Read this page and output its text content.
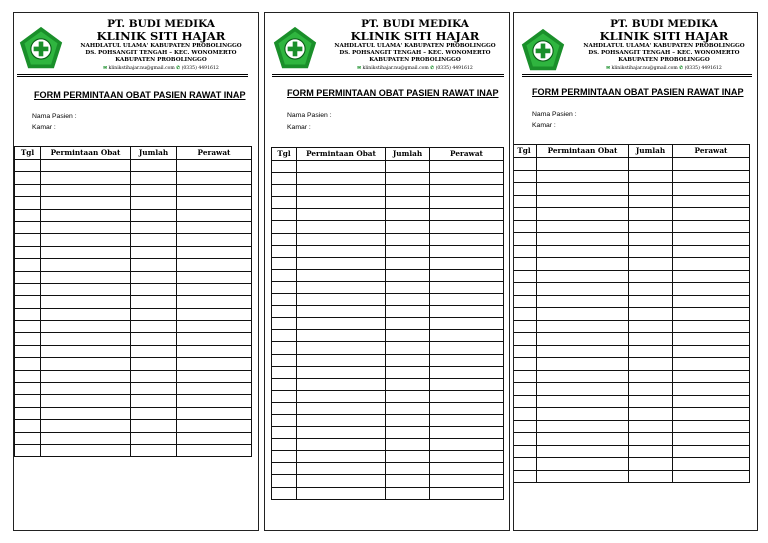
PT. BUDI MEDIKA
KLINIK SITI HAJAR
NAHDLATUL ULAMA' KABUPATEN PROBOLINGGO
DS. POHSANGIT TENGAH – KEC. WONOMERTO
KABUPATEN PROBOLINGGO
✉ klinikstihajar.nu@gmail.com ✆ (0335) 4491612
FORM PERMINTAAN OBAT PASIEN RAWAT INAP
Nama Pasien :
Kamar :
Tgl	Permintaan Obat	Jumlah	Perawat

PT. BUDI MEDIKA
KLINIK SITI HAJAR
NAHDLATUL ULAMA' KABUPATEN PROBOLINGGO
DS. POHSANGIT TENGAH – KEC. WONOMERTO
KABUPATEN PROBOLINGGO
✉ klinikstihajar.nu@gmail.com ✆ (0335) 4491612
FORM PERMINTAAN OBAT PASIEN RAWAT INAP
Nama Pasien :
Kamar :
Tgl	Permintaan Obat	Jumlah	Perawat

PT. BUDI MEDIKA
KLINIK SITI HAJAR
NAHDLATUL ULAMA' KABUPATEN PROBOLINGGO
DS. POHSANGIT TENGAH – KEC. WONOMERTO
KABUPATEN PROBOLINGGO
✉ klinikstihajar.nu@gmail.com ✆ (0335) 4491612
FORM PERMINTAAN OBAT PASIEN RAWAT INAP
Nama Pasien :
Kamar :
Tgl	Permintaan Obat	Jumlah	Perawat
